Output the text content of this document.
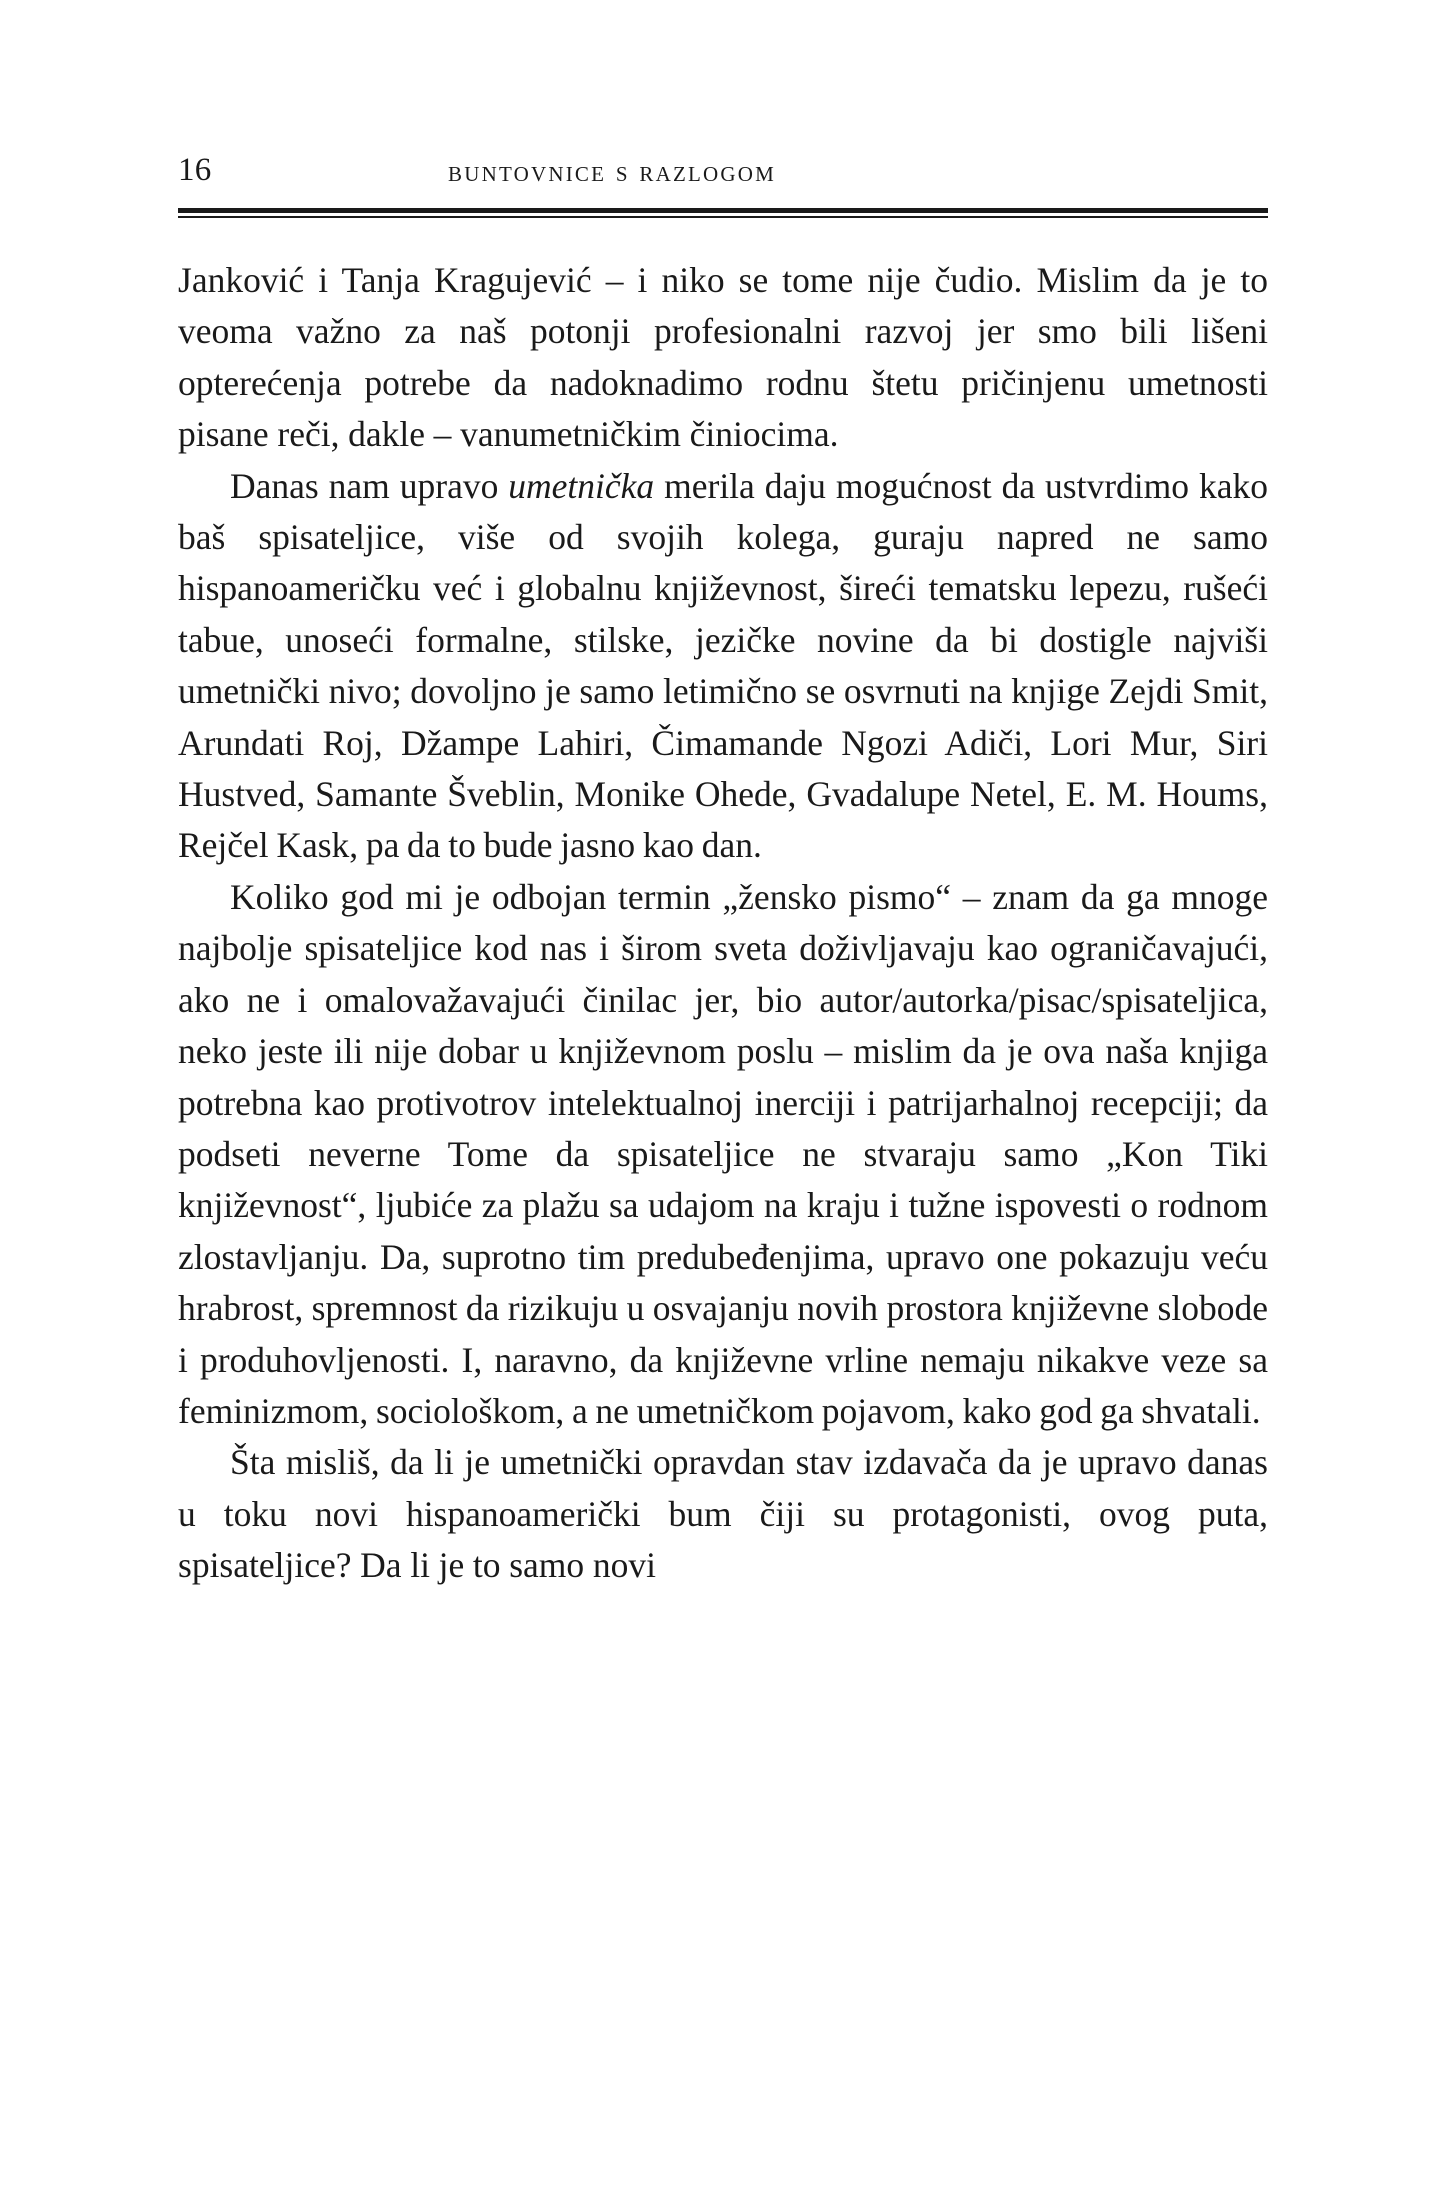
16	buntovnice s razlogom

Janković i Tanja Kragujević – i niko se tome nije čudio. Mislim da je to veoma važno za naš potonji profesionalni razvoj jer smo bili lišeni opterećenja potrebe da nadoknadimo rodnu štetu pričinjenu umetnosti pisane reči, dakle – vanumetničkim činiocima.

Danas nam upravo umetnička merila daju mogućnost da ustvrdimo kako baš spisateljice, više od svojih kolega, guraju napred ne samo hispanoameričku već i globalnu književnost, šireći tematsku lepezu, rušeći tabue, unoseći formalne, stilske, jezičke novine da bi dostigle najviši umetnički nivo; dovoljno je samo letimično se osvrnuti na knjige Zejdi Smit, Arundati Roj, Džampe Lahiri, Čimamande Ngozi Adiči, Lori Mur, Siri Hustved, Samante Šveblin, Monike Ohede, Gvadalupe Netel, E. M. Houms, Rejčel Kask, pa da to bude jasno kao dan.

Koliko god mi je odbojan termin „žensko pismo“ – znam da ga mnoge najbolje spisateljice kod nas i širom sveta doživljavaju kao ograničavajući, ako ne i omalovažavajući činilac jer, bio autor/autorka/pisac/spisateljica, neko jeste ili nije dobar u književnom poslu – mislim da je ova naša knjiga potrebna kao protivotrov intelektualnoj inerciji i patrijarhalnoj recepciji; da podseti neverne Tome da spisateljice ne stvaraju samo „Kon Tiki književnost“, ljubiće za plažu sa udajom na kraju i tužne ispovesti o rodnom zlostavljanju. Da, suprotno tim predubeđenjima, upravo one pokazuju veću hrabrost, spremnost da rizikuju u osvajanju novih prostora književne slobode i produhovljenosti. I, naravno, da književne vrline nemaju nikakve veze sa feminizmom, sociološkom, a ne umetničkom pojavom, kako god ga shvatali.

Šta misliš, da li je umetnički opravdan stav izdavača da je upravo danas u toku novi hispanoamerički bum čiji su protagonisti, ovog puta, spisateljice? Da li je to samo novi
